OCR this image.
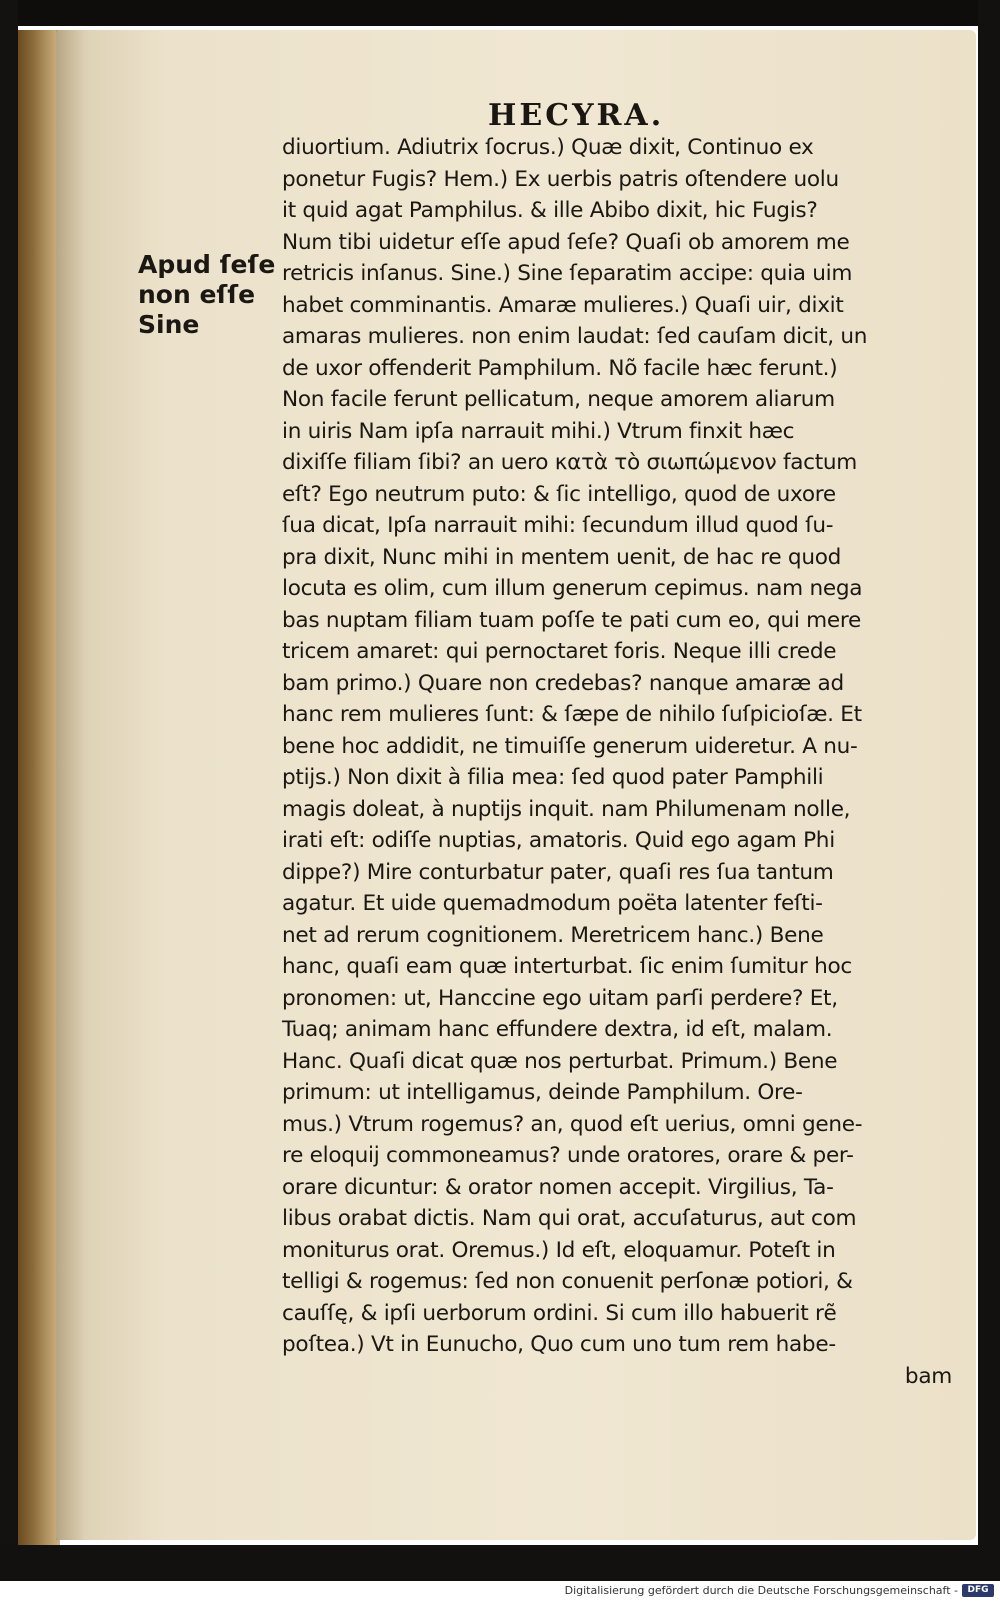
HECYRA.
Apud ſeſe
non eſſe
Sine
diuortium. Adiutrix ſocrus.) Quæ dixit, Continuo ex
ponetur Fugis? Hem.) Ex uerbis patris oſtendere uolu
it quid agat Pamphilus. & ille Abibo dixit, hic Fugis?
Num tibi uidetur eſſe apud ſeſe? Quaſi ob amorem me
retricis inſanus. Sine.) Sine ſeparatim accipe: quia uim
habet comminantis. Amaræ mulieres.) Quaſi uir, dixit
amaras mulieres. non enim laudat: ſed cauſam dicit, un
de uxor offenderit Pamphilum. Nõ facile hæc ferunt.)
Non facile ferunt pellicatum, neque amorem aliarum
in uiris Nam ipſa narrauit mihi.) Vtrum finxit hæc
dixiſſe filiam ſibi? an uero κατὰ τὸ σιωπώμενον factum
eſt? Ego neutrum puto: & ſic intelligo, quod de uxore
ſua dicat, Ipſa narrauit mihi: ſecundum illud quod ſu-
pra dixit, Nunc mihi in mentem uenit, de hac re quod
locuta es olim, cum illum generum cepimus. nam nega
bas nuptam filiam tuam poſſe te pati cum eo, qui mere
tricem amaret: qui pernoctaret foris. Neque illi crede
bam primo.) Quare non credebas? nanque amaræ ad
hanc rem mulieres ſunt: & ſæpe de nihilo ſuſpicioſæ. Et
bene hoc addidit, ne timuiſſe generum uideretur. A nu-
ptijs.) Non dixit à filia mea: ſed quod pater Pamphili
magis doleat, à nuptijs inquit. nam Philumenam nolle,
irati eſt: odiſſe nuptias, amatoris. Quid ego agam Phi
dippe?) Mire conturbatur pater, quaſi res ſua tantum
agatur. Et uide quemadmodum poëta latenter feſti-
net ad rerum cognitionem. Meretricem hanc.) Bene
hanc, quaſi eam quæ interturbat. ſic enim ſumitur hoc
pronomen: ut, Hanccine ego uitam parſi perdere? Et,
Tuaq; animam hanc effundere dextra, id eſt, malam.
Hanc. Quaſi dicat quæ nos perturbat. Primum.) Bene
primum: ut intelligamus, deinde Pamphilum. Ore-
mus.) Vtrum rogemus? an, quod eſt uerius, omni gene-
re eloquij commoneamus? unde oratores, orare & per-
orare dicuntur: & orator nomen accepit. Virgilius, Ta-
libus orabat dictis. Nam qui orat, accuſaturus, aut com
moniturus orat. Oremus.) Id eſt, eloquamur. Poteſt in
telligi & rogemus: ſed non conuenit perſonæ potiori, &
cauſſę, & ipſi uerborum ordini. Si cum illo habuerit rẽ
poſtea.) Vt in Eunucho, Quo cum uno tum rem habe-
bam
Digitalisierung gefördert durch die Deutsche Forschungsgemeinschaft -	DFG
